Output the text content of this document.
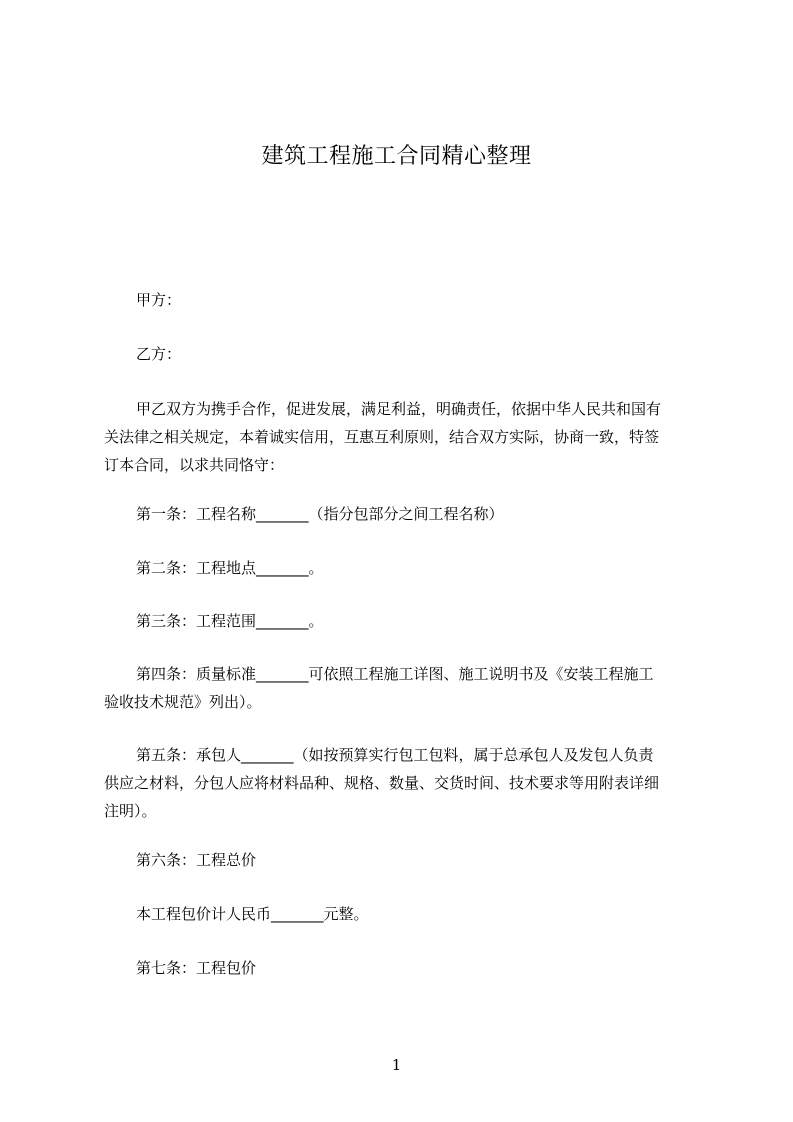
建筑工程施工合同精心整理

甲方：

乙方：

甲乙双方为携手合作，促进发展，满足利益，明确责任，依据中华人民共和国有

关法律之相关规定，本着诚实信用，互惠互利原则，结合双方实际，协商一致，特签

订本合同，以求共同恪守：

第一条：工程名称_______（指分包部分之间工程名称）

第二条：工程地点_______。

第三条：工程范围_______。

第四条：质量标准_______可依照工程施工详图、施工说明书及《安装工程施工

验收技术规范》列出）。

第五条：承包人_______（如按预算实行包工包料，属于总承包人及发包人负责

供应之材料，分包人应将材料品种、规格、数量、交货时间、技术要求等用附表详细

注明）。

第六条：工程总价

本工程包价计人民币_______元整。

第七条：工程包价

1
